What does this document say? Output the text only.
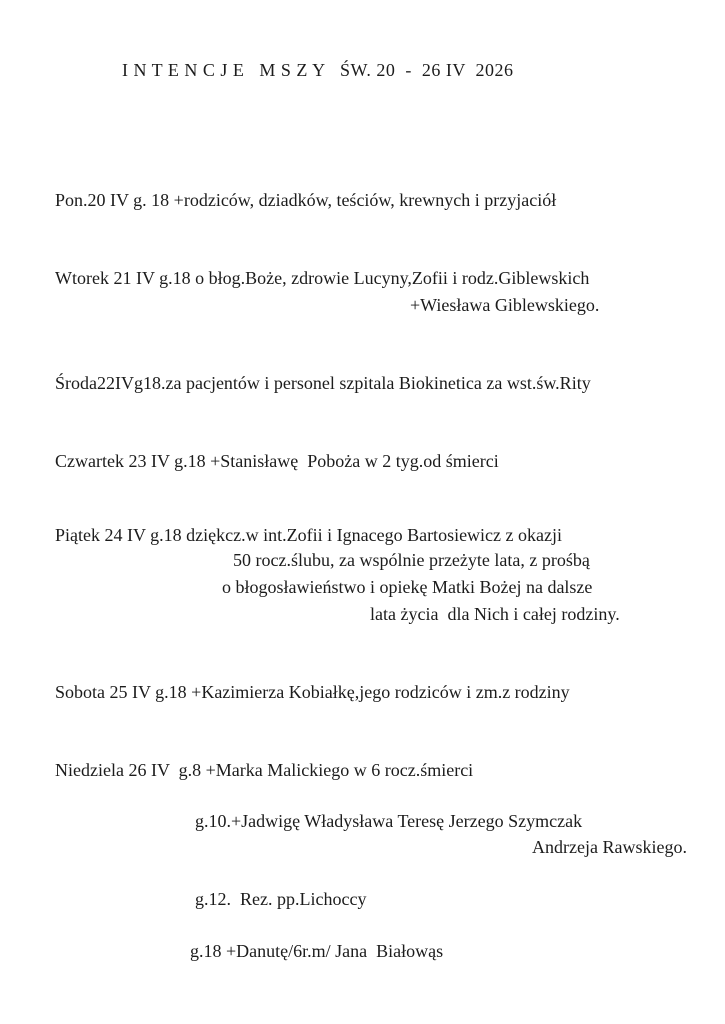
I N T E N C J E   M S Z Y   ŚW. 20  -  26 IV  2026
Pon.20 IV g. 18 +rodziców, dziadków, teściów, krewnych i przyjaciół
Wtorek 21 IV g.18 o błog.Boże, zdrowie Lucyny,Zofii i rodz.Giblewskich
+Wiesława Giblewskiego.
Środa22IVg18.za pacjentów i personel szpitala Biokinetica za wst.św.Rity
Czwartek 23 IV g.18 +Stanisławę  Poboża w 2 tyg.od śmierci
Piątek 24 IV g.18 dziękcz.w int.Zofii i Ignacego Bartosiewicz z okazji
50 rocz.ślubu, za wspólnie przeżyte lata, z prośbą
o błogosławieństwo i opiekę Matki Bożej na dalsze
lata życia  dla Nich i całej rodziny.
Sobota 25 IV g.18 +Kazimierza Kobiałkę,jego rodziców i zm.z rodziny
Niedziela 26 IV  g.8 +Marka Malickiego w 6 rocz.śmierci
g.10.+Jadwigę Władysława Teresę Jerzego Szymczak
Andrzeja Rawskiego.
g.12.  Rez. pp.Lichoccy
g.18 +Danutę/6r.m/ Jana  Białowąs
